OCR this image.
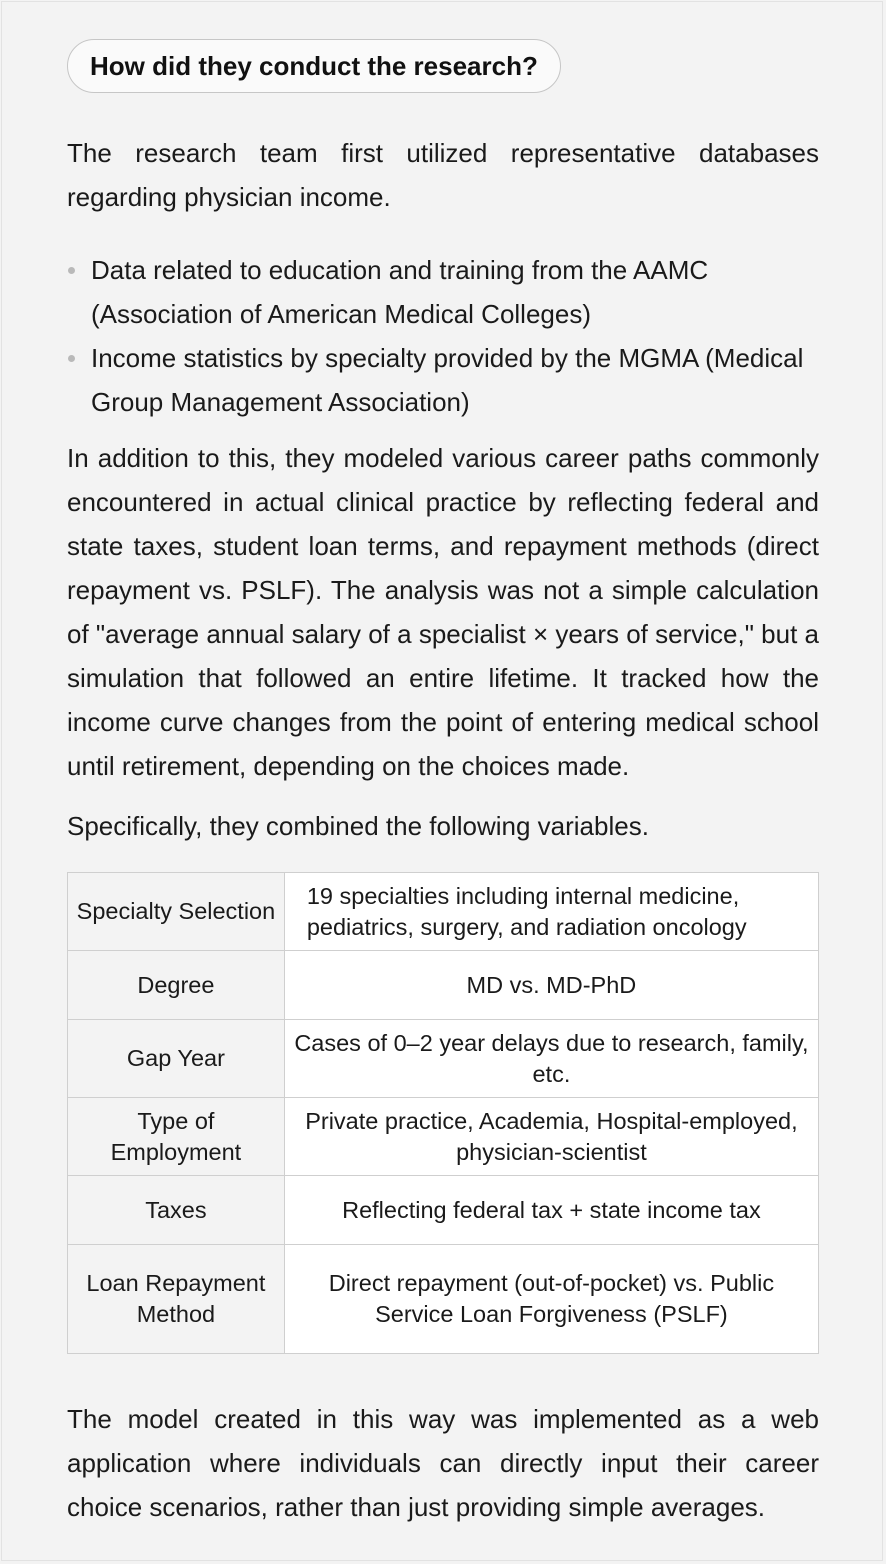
How did they conduct the research?

The research team first utilized representative databases regarding physician income.

Data related to education and training from the AAMC (Association of American Medical Colleges)
Income statistics by specialty provided by the MGMA (Medical Group Management Association)

In addition to this, they modeled various career paths commonly encountered in actual clinical practice by reflecting federal and state taxes, student loan terms, and repayment methods (direct repayment vs. PSLF). The analysis was not a simple calculation of "average annual salary of a specialist × years of service," but a simulation that followed an entire lifetime. It tracked how the income curve changes from the point of entering medical school until retirement, depending on the choices made.

Specifically, they combined the following variables.

Specialty Selection	19 specialties including internal medicine, pediatrics, surgery, and radiation oncology
Degree	MD vs. MD-PhD
Gap Year	Cases of 0–2 year delays due to research, family, etc.
Type of Employment	Private practice, Academia, Hospital-employed, physician-scientist
Taxes	Reflecting federal tax + state income tax
Loan Repayment Method	Direct repayment (out-of-pocket) vs. Public Service Loan Forgiveness (PSLF)

The model created in this way was implemented as a web application where individuals can directly input their career choice scenarios, rather than just providing simple averages.
